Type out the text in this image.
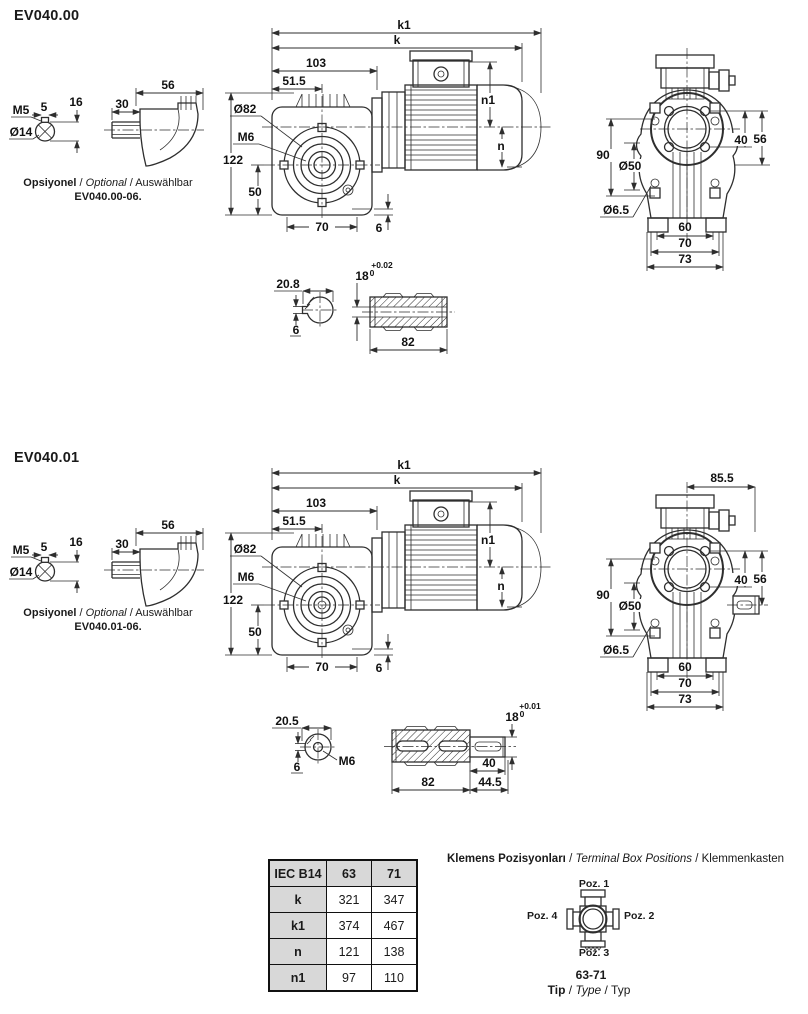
EV040.00
EV040.01
Opsiyonel / Optional / Auswählbar
EV040.00-06.
Opsiyonel / Optional / Auswählbar
EV040.01-06.
16
5
M5
Ø14
30
56
k1
k
103
51.5
Ø82
M6
122
50
n1
n
70	6
90
Ø50
Ø6.5
40 56
60
70
73
20.8
6
18
+0.02
0
82
16
5
M5
Ø14
30
56
k1
k
103
51.5
Ø82
M6
122
50
n1
n
70	6
85.5
90
Ø50
Ø6.5
40 56
60
70
73
20.5
6	M6
18
+0.01
0
40
82	44.5
IEC B14	63	71
k	321	347
k1	374	467
n	121	138
n1	97	110
Klemens Pozisyonları / Terminal Box Positions / Klemmenkasten
Poz. 1
Poz. 2
Poz. 3
Poz. 4
63-71
Tip / Type / Typ
